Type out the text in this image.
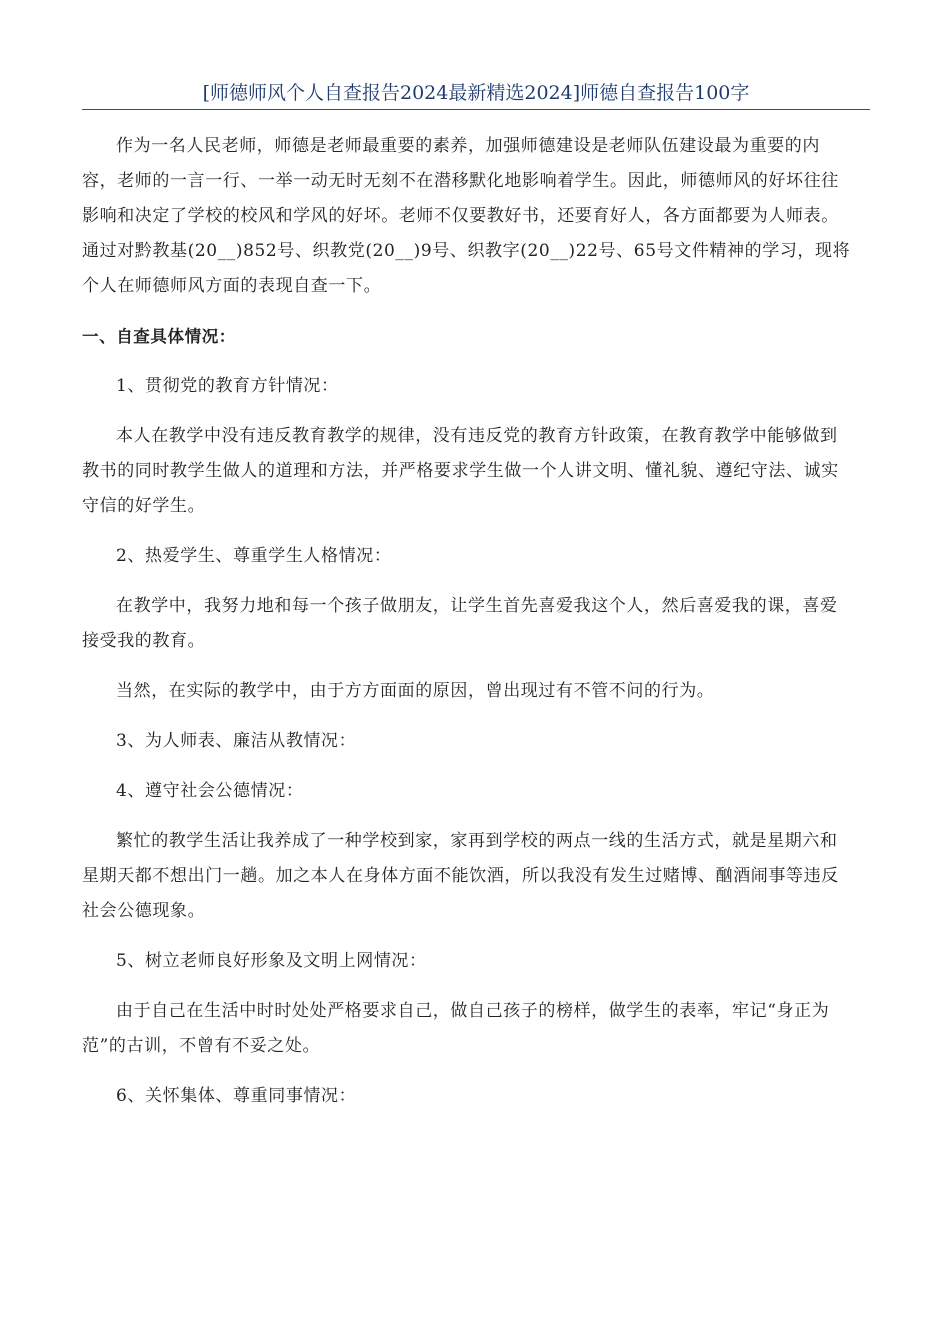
[师德师风个人自查报告2024最新精选2024]师德自查报告100字

作为一名人民老师，师德是老师最重要的素养，加强师德建设是老师队伍建设最为重要的内
容，老师的一言一行、一举一动无时无刻不在潜移默化地影响着学生。因此，师德师风的好坏往往
影响和决定了学校的校风和学风的好坏。老师不仅要教好书，还要育好人，各方面都要为人师表。
通过对黔教基(20__)852号、织教党(20__)9号、织教字(20__)22号、65号文件精神的学习，现将
个人在师德师风方面的表现自查一下。

一、自查具体情况：

1、贯彻党的教育方针情况：

本人在教学中没有违反教育教学的规律，没有违反党的教育方针政策，在教育教学中能够做到
教书的同时教学生做人的道理和方法，并严格要求学生做一个人讲文明、懂礼貌、遵纪守法、诚实
守信的好学生。

2、热爱学生、尊重学生人格情况：

在教学中，我努力地和每一个孩子做朋友，让学生首先喜爱我这个人，然后喜爱我的课，喜爱
接受我的教育。

当然，在实际的教学中，由于方方面面的原因，曾出现过有不管不问的行为。

3、为人师表、廉洁从教情况：

4、遵守社会公德情况：

繁忙的教学生活让我养成了一种学校到家，家再到学校的两点一线的生活方式，就是星期六和
星期天都不想出门一趟。加之本人在身体方面不能饮酒，所以我没有发生过赌博、酗酒闹事等违反
社会公德现象。

5、树立老师良好形象及文明上网情况：

由于自己在生活中时时处处严格要求自己，做自己孩子的榜样，做学生的表率，牢记“身正为
范”的古训，不曾有不妥之处。

6、关怀集体、尊重同事情况：
